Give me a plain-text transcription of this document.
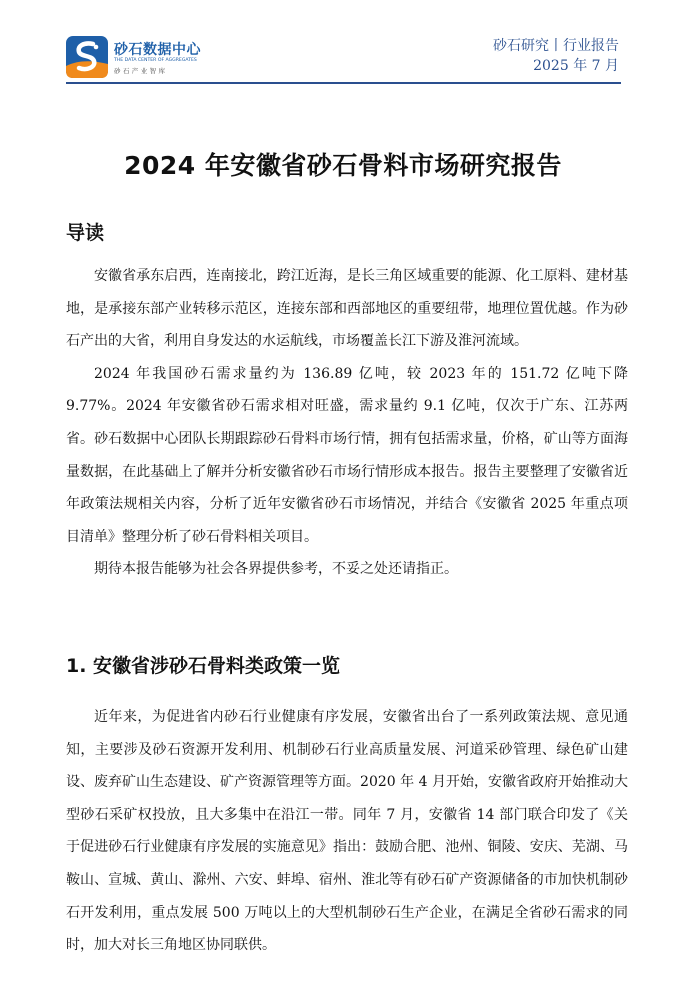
砂石数据中心
THE DATA CENTER OF AGGREGATES
砂石产业智库
砂石研究丨行业报告
2025 年 7 月
2024 年安徽省砂石骨料市场研究报告
导读

安徽省承东启西，连南接北，跨江近海，是长三角区域重要的能源、化工原料、建材基地，是承接东部产业转移示范区，连接东部和西部地区的重要纽带，地理位置优越。作为砂石产出的大省，利用自身发达的水运航线，市场覆盖长江下游及淮河流域。

2024 年我国砂石需求量约为 136.89 亿吨，较 2023 年的 151.72 亿吨下降 9.77%。2024 年安徽省砂石需求相对旺盛，需求量约 9.1 亿吨，仅次于广东、江苏两省。砂石数据中心团队长期跟踪砂石骨料市场行情，拥有包括需求量，价格，矿山等方面海量数据，在此基础上了解并分析安徽省砂石市场行情形成本报告。报告主要整理了安徽省近年政策法规相关内容，分析了近年安徽省砂石市场情况，并结合《安徽省 2025 年重点项目清单》整理分析了砂石骨料相关项目。

期待本报告能够为社会各界提供参考，不妥之处还请指正。

1. 安徽省涉砂石骨料类政策一览

近年来，为促进省内砂石行业健康有序发展，安徽省出台了一系列政策法规、意见通知，主要涉及砂石资源开发利用、机制砂石行业高质量发展、河道采砂管理、绿色矿山建设、废弃矿山生态建设、矿产资源管理等方面。2020 年 4 月开始，安徽省政府开始推动大型砂石采矿权投放，且大多集中在沿江一带。同年 7 月，安徽省 14 部门联合印发了《关于促进砂石行业健康有序发展的实施意见》指出：鼓励合肥、池州、铜陵、安庆、芜湖、马鞍山、宣城、黄山、滁州、六安、蚌埠、宿州、淮北等有砂石矿产资源储备的市加快机制砂石开发利用，重点发展 500 万吨以上的大型机制砂石生产企业，在满足全省砂石需求的同时，加大对长三角地区协同联供。
